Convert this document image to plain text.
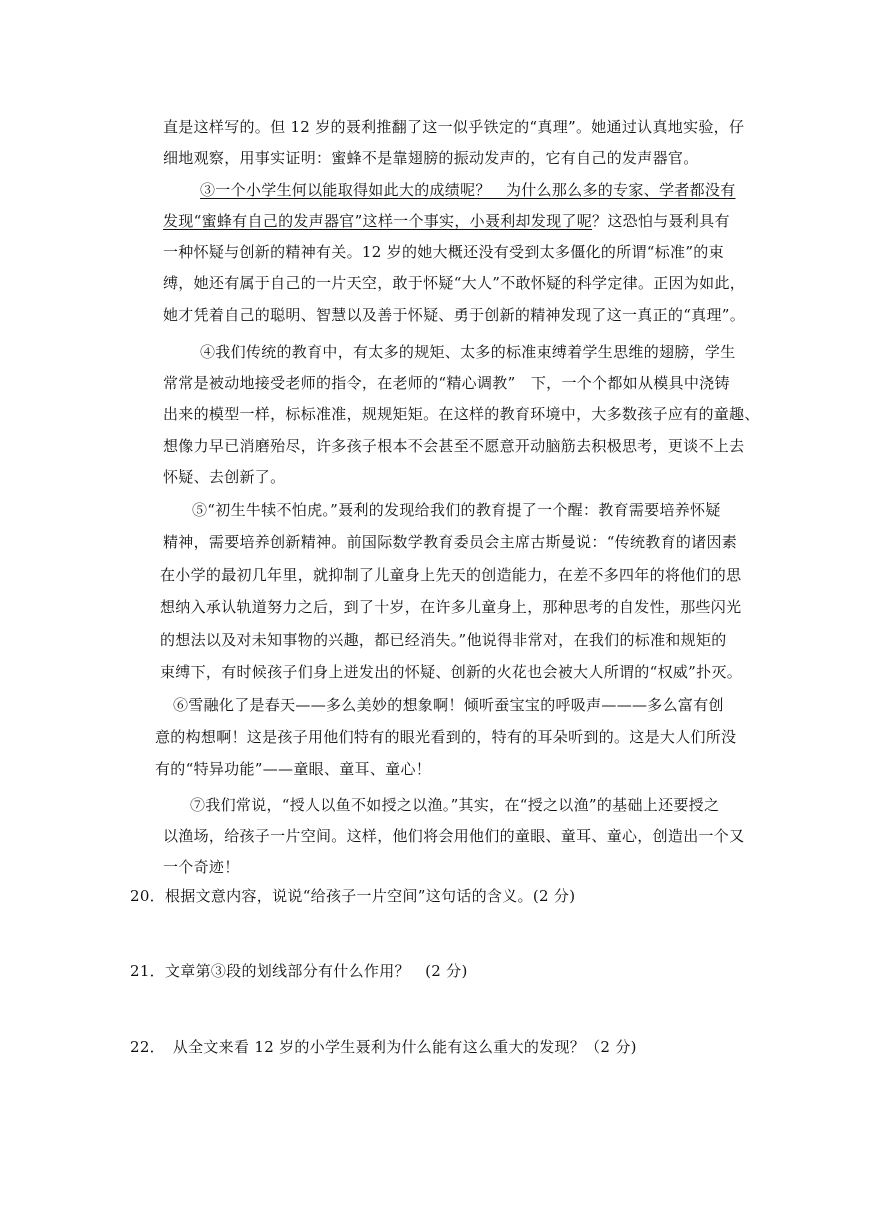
直是这样写的。但 12 岁的聂利推翻了这一似乎铁定的“真理”。她通过认真地实验，仔
细地观察，用事实证明：蜜蜂不是靠翅膀的振动发声的，它有自己的发声器官。
③一个小学生何以能取得如此大的成绩呢？　为什么那么多的专家、学者都没有
发现“蜜蜂有自己的发声器官”这样一个事实，小聂利却发现了呢？这恐怕与聂利具有
一种怀疑与创新的精神有关。12 岁的她大概还没有受到太多僵化的所谓“标准”的束
缚，她还有属于自己的一片天空，敢于怀疑“大人”不敢怀疑的科学定律。正因为如此，
她才凭着自己的聪明、智慧以及善于怀疑、勇于创新的精神发现了这一真正的“真理”。
④我们传统的教育中，有太多的规矩、太多的标准束缚着学生思维的翅膀，学生
常常是被动地接受老师的指令，在老师的“精心调教”　下，一个个都如从模具中浇铸
出来的模型一样，标标准准，规规矩矩。在这样的教育环境中，大多数孩子应有的童趣、
想像力早已消磨殆尽，许多孩子根本不会甚至不愿意开动脑筋去积极思考，更谈不上去
怀疑、去创新了。
⑤“初生牛犊不怕虎。”聂利的发现给我们的教育提了一个醒：教育需要培养怀疑
精神，需要培养创新精神。前国际数学教育委员会主席古斯曼说：“传统教育的诸因素
在小学的最初几年里，就抑制了儿童身上先天的创造能力，在差不多四年的将他们的思
想纳入承认轨道努力之后，到了十岁，在许多儿童身上，那种思考的自发性，那些闪光
的想法以及对未知事物的兴趣，都已经消失。”他说得非常对，在我们的标准和规矩的
束缚下，有时候孩子们身上迸发出的怀疑、创新的火花也会被大人所谓的“权威”扑灭。
⑥雪融化了是春天——多么美妙的想象啊！倾听蚕宝宝的呼吸声———多么富有创
意的构想啊！这是孩子用他们特有的眼光看到的，特有的耳朵听到的。这是大人们所没
有的“特异功能”——童眼、童耳、童心！
⑦我们常说，“授人以鱼不如授之以渔。”其实，在“授之以渔”的基础上还要授之
以渔场，给孩子一片空间。这样，他们将会用他们的童眼、童耳、童心，创造出一个又
一个奇迹！
20．根据文意内容，说说“给孩子一片空间”这句话的含义。(2 分)
21．文章第③段的划线部分有什么作用？　(2 分)
22．　从全文来看 12 岁的小学生聂利为什么能有这么重大的发现？（2 分)
